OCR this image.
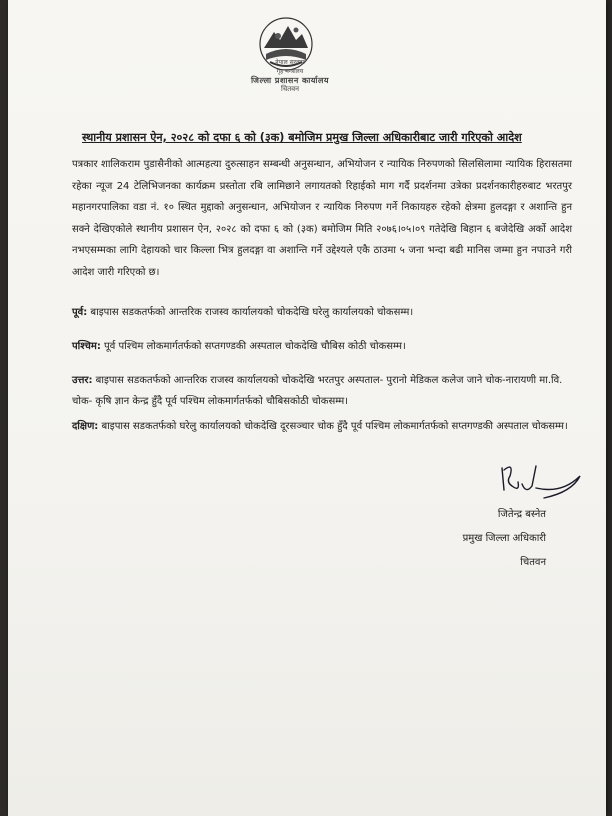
नेपाल सरकार
गृह मन्त्रालय
जिल्ला प्रशासन कार्यालय
चितवन
स्थानीय प्रशासन ऐन, २०२८ को दफा ६ को (३क) बमोजिम प्रमुख जिल्ला अधिकारीबाट जारी गरिएको आदेश
पत्रकार शालिकराम पुडासैनीको आत्महत्या दुरुत्साहन सम्बन्धी अनुसन्धान, अभियोजन र न्यायिक निरुपणको सिलसिलामा न्यायिक हिरासतमा रहेका न्यूज 24 टेलिभिजनका कार्यक्रम प्रस्तोता रबि लामिछाने लगायतको रिहाईको माग गर्दै प्रदर्शनमा उत्रेका प्रदर्शनकारीहरुबाट भरतपुर महानगरपालिका वडा नं. १० स्थित मुद्दाको अनुसन्धान, अभियोजन र न्यायिक निरुपण गर्ने निकायहरु रहेको क्षेत्रमा हुलदङ्गा र अशान्ति हुन सक्ने देखिएकोले स्थानीय प्रशासन ऐन, २०२८ को दफा ६ को (३क) बमोजिम मिति २०७६।०५।०९ गतेदेखि बिहान ६ बजेदेखि अर्को आदेश नभएसम्मका लागि देहायको चार किल्ला भित्र हुलदङ्गा वा अशान्ति गर्ने उद्देश्यले एकै ठाउमा ५ जना भन्दा बढी मानिस जम्मा हुन नपाउने गरी आदेश जारी गरिएको छ।
पूर्व: बाइपास सडकतर्फको आन्तरिक राजस्व कार्यालयको चोकदेखि घरेलु कार्यालयको चोकसम्म।
पश्चिम: पूर्व पश्चिम लोकमार्गतर्फको सप्तगण्डकी अस्पताल चोकदेखि चौबिस कोठी चोकसम्म।
उत्तर: बाइपास सडकतर्फको आन्तरिक राजस्व कार्यालयको चोकदेखि भरतपुर अस्पताल- पुरानो मेडिकल कलेज जाने चोक-नारायणी मा.वि. चोक- कृषि ज्ञान केन्द्र हुँदै पूर्व पश्चिम लोकमार्गतर्फको चौबिसकोठी चोकसम्म।
दक्षिण: बाइपास सडकतर्फको घरेलु कार्यालयको चोकदेखि दूरसञ्चार चोक हुँदै पूर्व पश्चिम लोकमार्गतर्फको सप्तगण्डकी अस्पताल चोकसम्म।
जितेन्द्र बस्नेत
प्रमुख जिल्ला अधिकारी
चितवन
